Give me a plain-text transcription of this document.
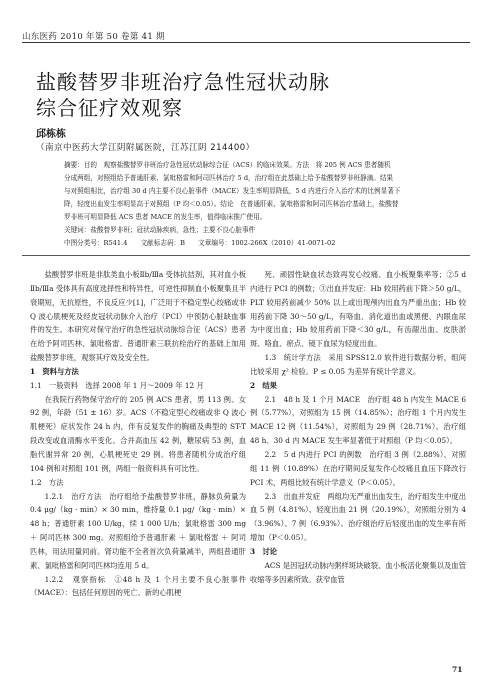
山东医药 2010 年第 50 卷第 41 期
盐酸替罗非班治疗急性冠状动脉
综合征疗效观察
邱栋栋
（南京中医药大学江阴附属医院，江苏江阴 214400）
摘要：目的　观察盐酸替罗非班治疗急性冠状动脉综合征（ACS）的临床效果。方法　将 205 例 ACS 患者随机
分成两组，对照组给予普通肝素、氯吡格雷和阿司匹林治疗 5 d，治疗组在此基础上给予盐酸替罗非班静滴。结果
与对照组相比，治疗组 30 d 内主要不良心脏事件（MACE）发生率明显降低，5 d 内进行介入治疗术的比例显著下
降，轻度出血发生率明显高于对照组（P 均＜0.05）。结论　在普通肝素、氯吡格雷和阿司匹林治疗基础上，盐酸替
罗非班可明显降低 ACS 患者 MACE 的发生率，值得临床推广使用。
关键词：盐酸替罗非班；冠状动脉疾病，急性；主要不良心脏事件
中图分类号：R541.4　　文献标志码：B　　文章编号：1002-266X（2010）41-0071-02

盐酸替罗非班是非肽类血小板Ⅱb/Ⅲa 受体抗拮剂，其对血小板Ⅱb/Ⅲa 受体具有高度选择性和特异性，可逆性抑制血小板聚集且半衰期短，无抗原性，不良反应少[1]，广泛用于不稳定型心绞痛或非 Q 波心肌梗死及经皮冠状动脉介入治疗（PCI）中预防心脏缺血事件的发生。本研究对保守治疗的急性冠状动脉综合征（ACS）患者在给予阿司匹林、氯吡格雷、普通肝素三联抗栓治疗的基础上加用盐酸替罗非班，观察其疗效及安全性。

1　资料与方法

1.1　一般资料　选择 2008 年 1 月～2009 年 12 月

在我院行药物保守治疗的 205 例 ACS 患者，男 113 例、女 92 例，年龄（51 ± 16）岁。ACS（不稳定型心绞痛或非 Q 波心肌梗死）症状发作 24 h 内，伴有反复发作的胸痛及典型的 ST-T 段改变或血清酶水平变化。合并高血压 42 例，糖尿病 53 例，血脂代谢异常 20 例，心肌梗死史 29 例。将患者随机分成治疗组 104 例和对照组 101 例，两组一般资料具有可比性。

1.2　方法

1.2.1　治疗方法　治疗组给予盐酸替罗非班，静脉负荷量为 0.4 μg/（kg · min）× 30 min，维持量 0.1 μg/（kg · min）× 48 h；普通肝素 100 U/kg，续 1 000 U/h；氯吡格雷 300 mg ＋ 阿司匹林 300 mg。对照组给予普通肝素 ＋ 氯吡格雷 ＋ 阿司匹林，用法用量同前。肾功能不全者首次负荷量减半，两组普通肝素、氯吡格雷和阿司匹林均连用 5 d。

1.2.2　观察指标　①48 h 及 1 个月主要不良心脏事件（MACE）：包括任何原因的死亡、新的心肌梗

死、顽固性缺血状态致再发心绞痛、血小板聚集率等；②5 d 内进行 PCI 的例数；③出血并发症：Hb 较用药前下降＞50 g/L，PLT 较用药前减少 50% 以上或出现颅内出血为严重出血；Hb 较用药前下降 30～50 g/L，有咯血、消化道出血或黑便、内眼血尿为中度出血；Hb 较用药前下降＜30 g/L，有齿龈出血、皮肤淤斑、咯血、瘀点、镜下血尿为轻度出血。

1.3　统计学方法　采用 SPSS12.0 软件进行数据分析，组间比较采用 χ² 检验。P ≤ 0.05 为差异有统计学意义。

2　结果

2.1　48 h 及 1 个月 MACE　治疗组 48 h 内发生 MACE 6 例（5.77%），对照组为 15 例（14.85%）；治疗组 1 个月内发生 MACE 12 例（11.54%），对照组为 29 例（28.71%）。治疗组 48 h、30 d 内 MACE 发生率显著低于对照组（P 均＜0.05）。

2.2　5 d 内进行 PCI 的例数　治疗组 3 例（2.88%）、对照组 11 例（10.89%）在治疗期间反复发作心绞痛且血压下降改行 PCI 术，两组比较有统计学意义（P＜0.05）。

2.3　出血并发症　两组均无严重出血发生，治疗组发生中度出血 5 例（4.81%）、轻度出血 21 例（20.19%），对照组分别为 4（3.96%）、7 例（6.93%）。治疗组治疗后轻度出血的发生率有所增加（P＜0.05）。

3　讨论

ACS 是因冠状动脉内粥样斑块破裂、血小板活化聚集以及血管收缩等多因素所致。获窄血管

71
